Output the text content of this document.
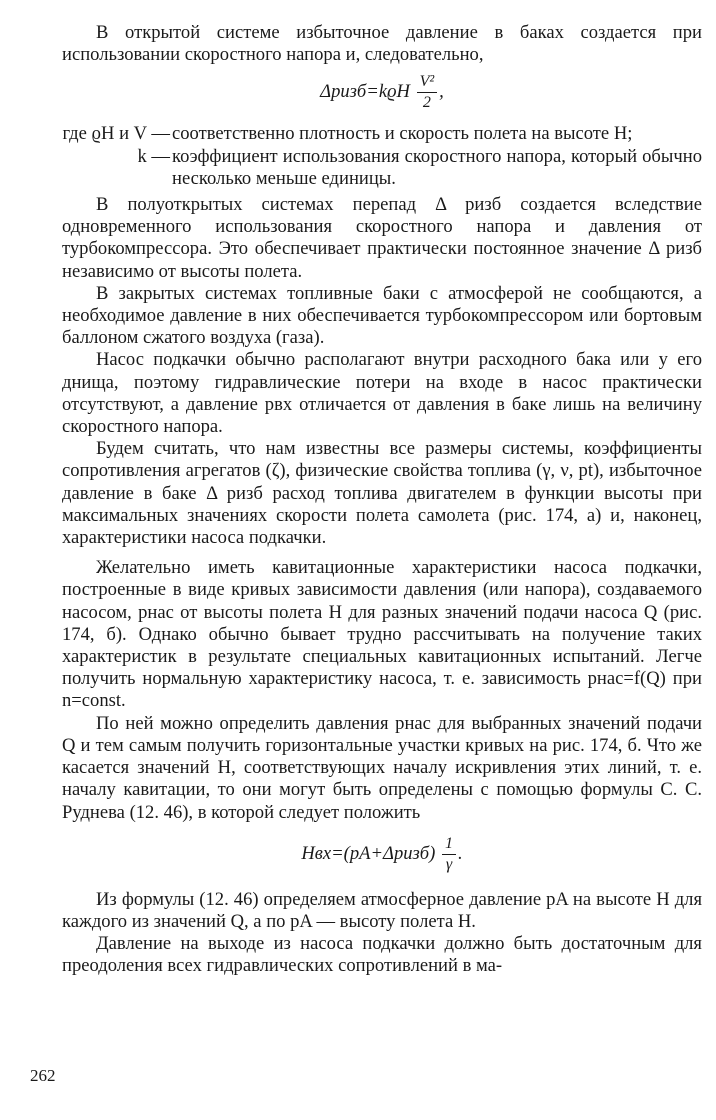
В открытой системе избыточное давление в баках создается при использовании скоростного напора и, следовательно,

Δpизб=kϱH $\frac{\text{V²}}{2}$ ,
где ϱH и V — соответственно плотность и скорость полета на высоте H;
k — коэффициент использования скоростного напора, который обычно несколько меньше единицы.

В полуоткрытых системах перепад Δ pизб создается вследствие одновременного использования скоростного напора и давления от турбокомпрессора. Это обеспечивает практически постоянное значение Δ pизб независимо от высоты полета.

В закрытых системах топливные баки с атмосферой не сообщаются, а необходимое давление в них обеспечивается турбокомпрессором или бортовым баллоном сжатого воздуха (газа).

Насос подкачки обычно располагают внутри расходного бака или у его днища, поэтому гидравлические потери на входе в насос практически отсутствуют, а давление pвх отличается от давления в баке лишь на величину скоростного напора.

Будем считать, что нам известны все размеры системы, коэффициенты сопротивления агрегатов (ζ), физические свойства топлива (γ, ν, pt), избыточное давление в баке Δ pизб расход топлива двигателем в функции высоты при максимальных значениях скорости полета самолета (рис. 174, а) и, наконец, характеристики насоса подкачки.

Желательно иметь кавитационные характеристики насоса подкачки, построенные в виде кривых зависимости давления (или напора), создаваемого насосом, pнас от высоты полета H для разных значений подачи насоса Q (рис. 174, б). Однако обычно бывает трудно рассчитывать на получение таких характеристик в результате специальных кавитационных испытаний. Легче получить нормальную характеристику насоса, т. е. зависимость pнас=f(Q) при n=const.

По ней можно определить давления pнас для выбранных значений подачи Q и тем самым получить горизонтальные участки кривых на рис. 174, б. Что же касается значений H, соответствующих началу искривления этих линий, т. е. началу кавитации, то они могут быть определены с помощью формулы С. С. Руднева (12. 46), в которой следует положить

Hвх=(pA+Δpизб) $\frac{1}{\gamma}$ .

Из формулы (12. 46) определяем атмосферное давление pA на высоте H для каждого из значений Q, а по pA — высоту полета H.

Давление на выходе из насоса подкачки должно быть достаточным для преодоления всех гидравлических сопротивлений в ма-

262
